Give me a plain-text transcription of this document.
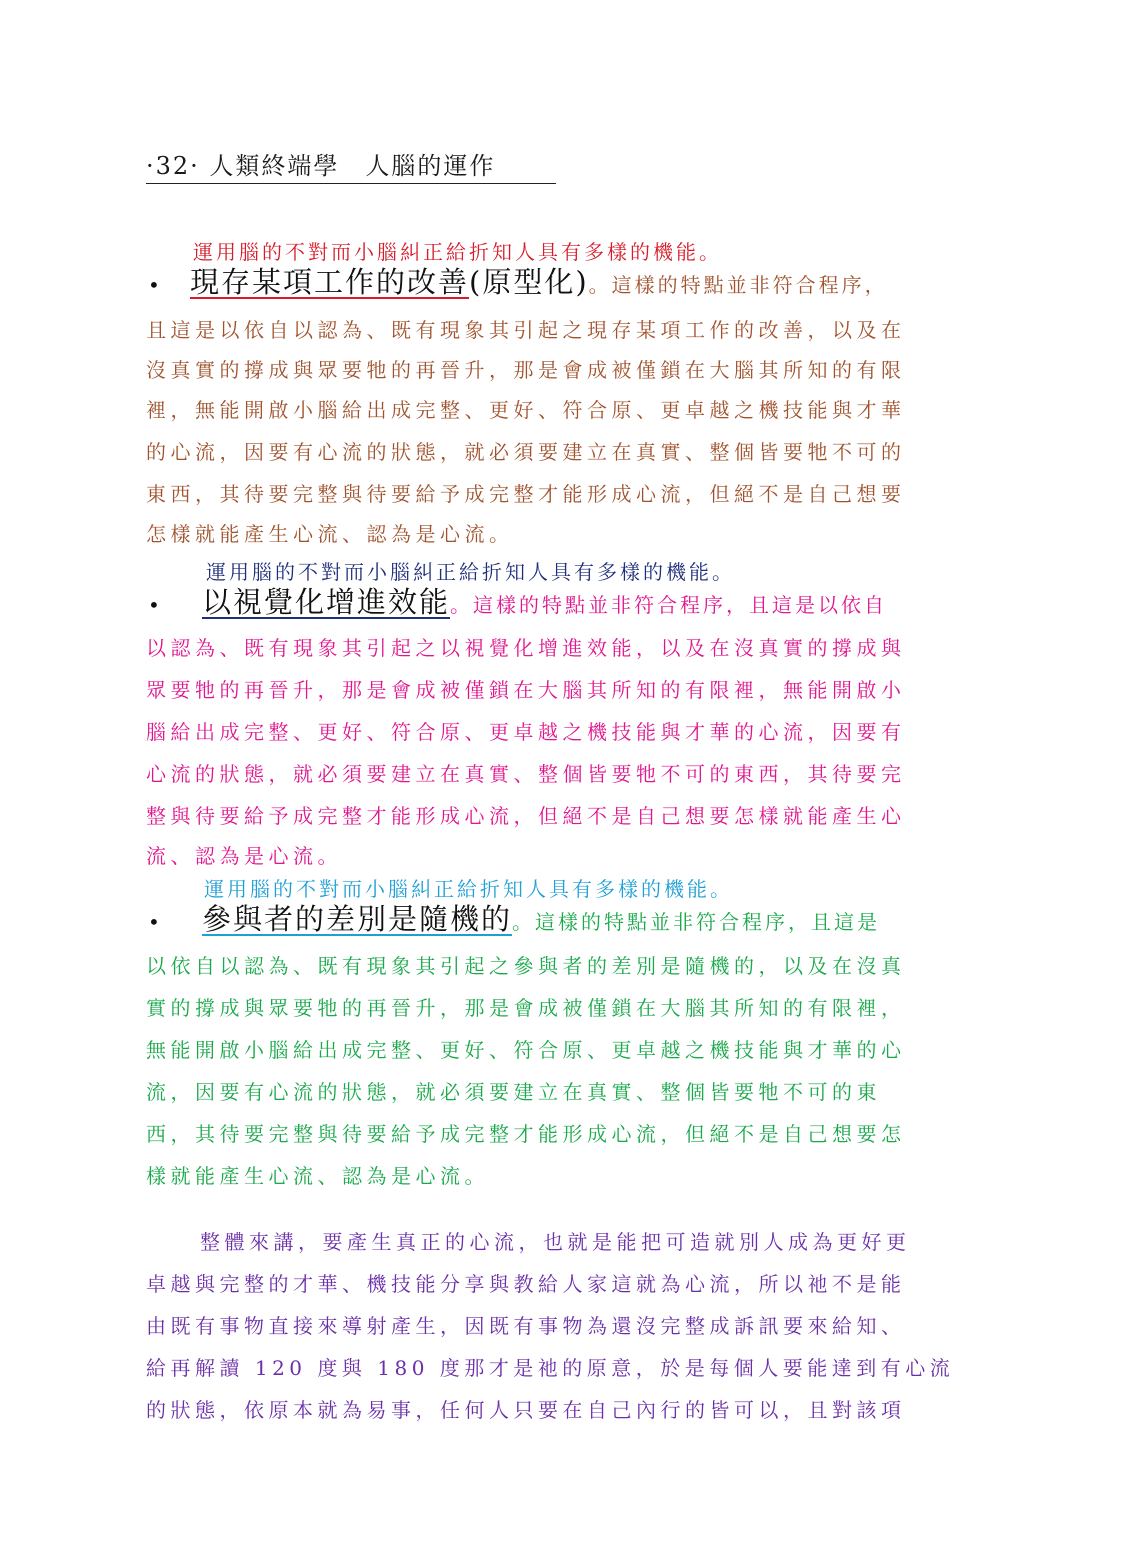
·32· 人類終端學　人腦的運作
運用腦的不對而小腦糾正給折知人具有多樣的機能。
• 現存某項工作的改善(原型化)。這樣的特點並非符合程序，
且這是以依自以認為、既有現象其引起之現存某項工作的改善，以及在
沒真實的撐成與眾要牠的再晉升，那是會成被僅鎖在大腦其所知的有限
裡，無能開啟小腦給出成完整、更好、符合原、更卓越之機技能與才華
的心流，因要有心流的狀態，就必須要建立在真實、整個皆要牠不可的
東西，其待要完整與待要給予成完整才能形成心流，但絕不是自己想要
怎樣就能產生心流、認為是心流。
運用腦的不對而小腦糾正給折知人具有多樣的機能。
• 以視覺化增進效能。這樣的特點並非符合程序，且這是以依自
以認為、既有現象其引起之以視覺化增進效能，以及在沒真實的撐成與
眾要牠的再晉升，那是會成被僅鎖在大腦其所知的有限裡，無能開啟小
腦給出成完整、更好、符合原、更卓越之機技能與才華的心流，因要有
心流的狀態，就必須要建立在真實、整個皆要牠不可的東西，其待要完
整與待要給予成完整才能形成心流，但絕不是自己想要怎樣就能產生心
流、認為是心流。
運用腦的不對而小腦糾正給折知人具有多樣的機能。
• 參與者的差別是隨機的。這樣的特點並非符合程序，且這是
以依自以認為、既有現象其引起之參與者的差別是隨機的，以及在沒真
實的撐成與眾要牠的再晉升，那是會成被僅鎖在大腦其所知的有限裡，
無能開啟小腦給出成完整、更好、符合原、更卓越之機技能與才華的心
流，因要有心流的狀態，就必須要建立在真實、整個皆要牠不可的東
西，其待要完整與待要給予成完整才能形成心流，但絕不是自己想要怎
樣就能產生心流、認為是心流。
整體來講，要產生真正的心流，也就是能把可造就別人成為更好更
卓越與完整的才華、機技能分享與教給人家這就為心流，所以祂不是能
由既有事物直接來導射產生，因既有事物為還沒完整成訴訊要來給知、
給再解讀 120 度與 180 度那才是祂的原意，於是每個人要能達到有心流
的狀態，依原本就為易事，任何人只要在自己內行的皆可以，且對該項
